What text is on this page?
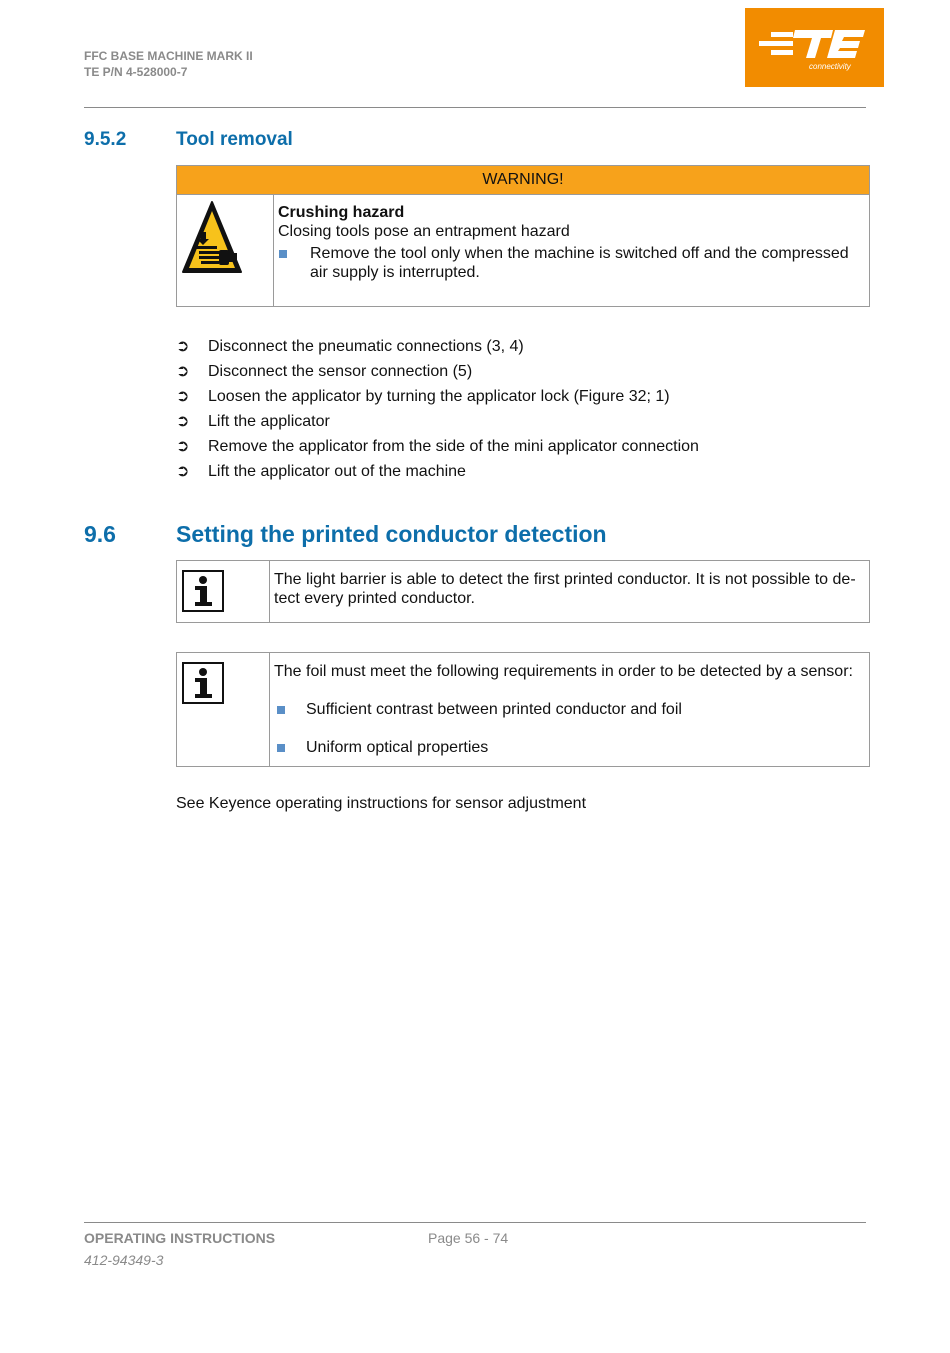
FFC BASE MACHINE MARK II
TE P/N 4-528000-7	connectivity
9.5.2	Tool removal
WARNING!
Crushing hazard
Closing tools pose an entrapment hazard
Remove the tool only when the machine is switched off and the compressed air supply is interrupted.
➲ Disconnect the pneumatic connections (3, 4)
➲ Disconnect the sensor connection (5)
➲ Loosen the applicator by turning the applicator lock (Figure 32; 1)
➲ Lift the applicator
➲ Remove the applicator from the side of the mini applicator connection
➲ Lift the applicator out of the machine
9.6	Setting the printed conductor detection
The light barrier is able to detect the first printed conductor. It is not possible to de-tect every printed conductor.
The foil must meet the following requirements in order to be detected by a sensor:
Sufficient contrast between printed conductor and foil
Uniform optical properties
See Keyence operating instructions for sensor adjustment
OPERATING INSTRUCTIONS	Page 56 - 74
412-94349-3
